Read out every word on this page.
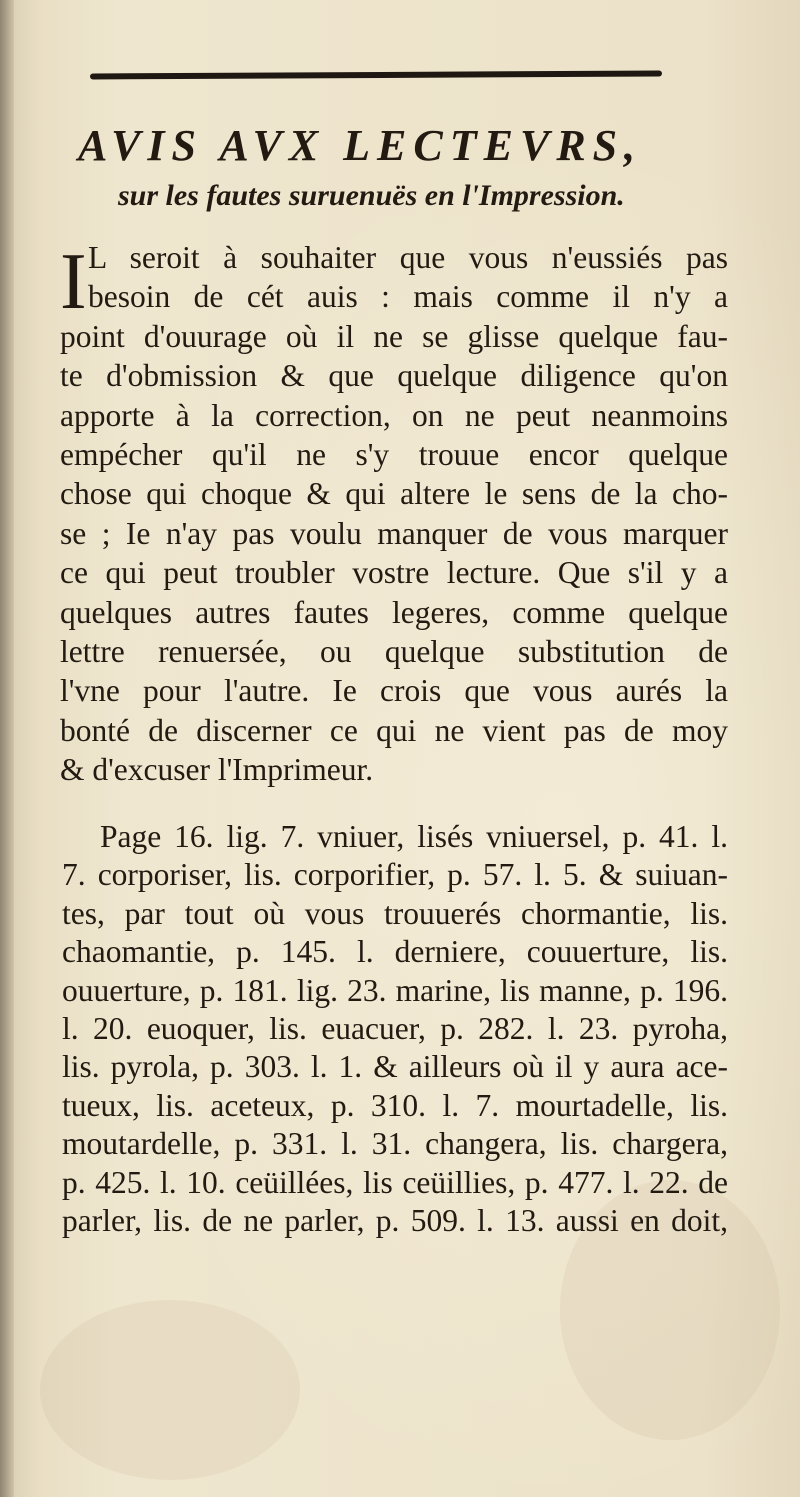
AVIS AVX LECTEVRS,
sur les fautes suruenuës en l'Impression.
I L seroit à souhaiter que vous n'eussiés pas
besoin de cét auis : mais comme il n'y a
point d'ouurage où il ne se glisse quelque fau-
te d'obmission & que quelque diligence qu'on
apporte à la correction, on ne peut neanmoins
empécher qu'il ne s'y trouue encor quelque
chose qui choque & qui altere le sens de la cho-
se ; Ie n'ay pas voulu manquer de vous marquer
ce qui peut troubler vostre lecture. Que s'il y a
quelques autres fautes legeres, comme quelque
lettre renuersée, ou quelque substitution de
l'vne pour l'autre. Ie crois que vous aurés la
bonté de discerner ce qui ne vient pas de moy
& d'excuser l'Imprimeur.
Page 16. lig. 7. vniuer, lisés vniuersel, p. 41. l.
7. corporiser, lis. corporifier, p. 57. l. 5. & suiuan-
tes, par tout où vous trouuerés chormantie, lis.
chaomantie, p. 145. l. derniere, couuerture, lis.
ouuerture, p. 181. lig. 23. marine, lis manne, p. 196.
l. 20. euoquer, lis. euacuer, p. 282. l. 23. pyroha,
lis. pyrola, p. 303. l. 1. & ailleurs où il y aura ace-
tueux, lis. aceteux, p. 310. l. 7. mourtadelle, lis.
moutardelle, p. 331. l. 31. changera, lis. chargera,
p. 425. l. 10. ceüillées, lis ceüillies, p. 477. l. 22. de
parler, lis. de ne parler, p. 509. l. 13. aussi en doit,
